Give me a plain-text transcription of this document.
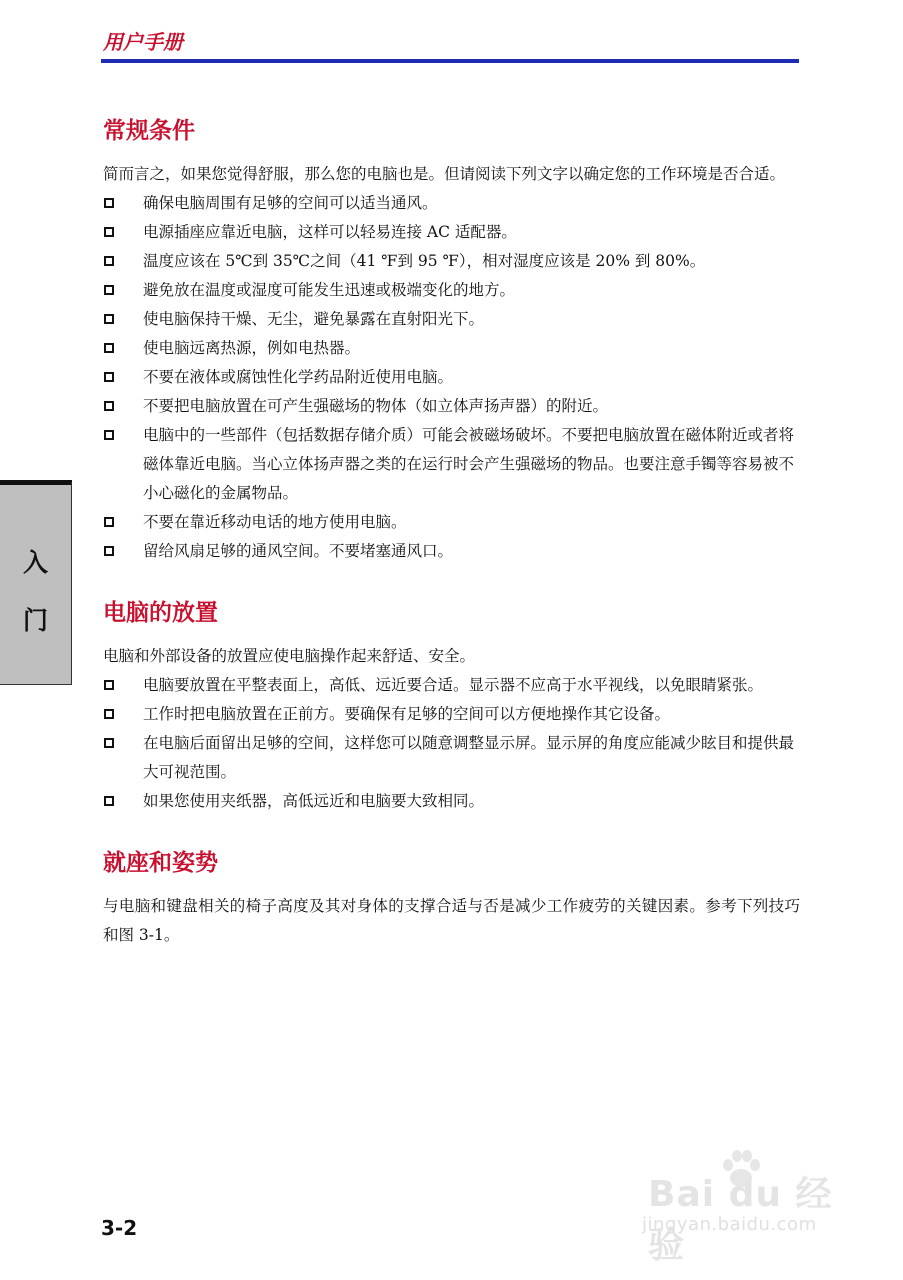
用户手册
入
门
常规条件

简而言之，如果您觉得舒服，那么您的电脑也是。但请阅读下列文字以确定您的工作环境是否合适。

确保电脑周围有足够的空间可以适当通风。
电源插座应靠近电脑，这样可以轻易连接 AC 适配器。
温度应该在 5℃到 35℃之间（41 ℉到 95 ℉），相对湿度应该是 20% 到 80%。
避免放在温度或湿度可能发生迅速或极端变化的地方。
使电脑保持干燥、无尘，避免暴露在直射阳光下。
使电脑远离热源，例如电热器。
不要在液体或腐蚀性化学药品附近使用电脑。
不要把电脑放置在可产生强磁场的物体（如立体声扬声器）的附近。
电脑中的一些部件（包括数据存储介质）可能会被磁场破坏。不要把电脑放置在磁体附近或者将磁体靠近电脑。当心立体扬声器之类的在运行时会产生强磁场的物品。也要注意手镯等容易被不小心磁化的金属物品。
不要在靠近移动电话的地方使用电脑。
留给风扇足够的通风空间。不要堵塞通风口。
电脑的放置

电脑和外部设备的放置应使电脑操作起来舒适、安全。

电脑要放置在平整表面上，高低、远近要合适。显示器不应高于水平视线，以免眼睛紧张。
工作时把电脑放置在正前方。要确保有足够的空间可以方便地操作其它设备。
在电脑后面留出足够的空间，这样您可以随意调整显示屏。显示屏的角度应能减少眩目和提供最大可视范围。
如果您使用夹纸器，高低远近和电脑要大致相同。
就座和姿势

与电脑和键盘相关的椅子高度及其对身体的支撑合适与否是减少工作疲劳的关键因素。参考下列技巧和图 3-1。

3-2

Bai du 经验
jingyan.baidu.com
